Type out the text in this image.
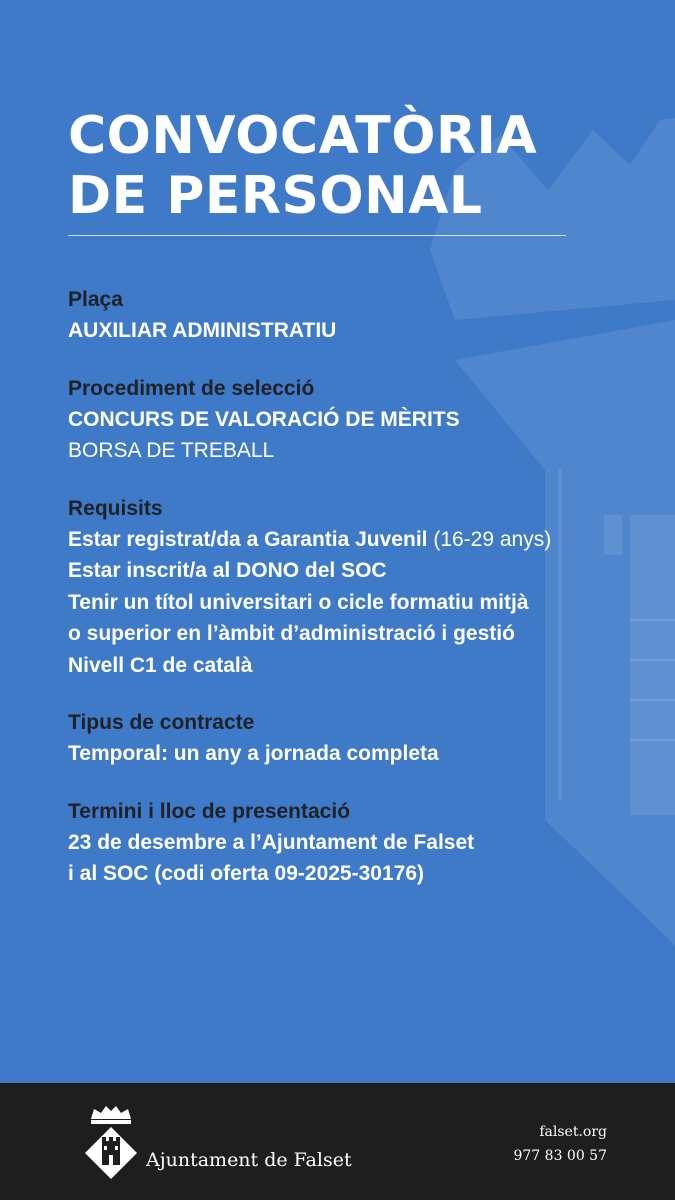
CONVOCATÒRIA
DE PERSONAL
Plaça
AUXILIAR ADMINISTRATIU
Procediment de selecció
CONCURS DE VALORACIÓ DE MÈRITS
BORSA DE TREBALL
Requisits
Estar registrat/da a Garantia Juvenil (16-29 anys)
Estar inscrit/a al DONO del SOC
Tenir un títol universitari o cicle formatiu mitjà
o superior en l’àmbit d’administració i gestió
Nivell C1 de català
Tipus de contracte
Temporal: un any a jornada completa
Termini i lloc de presentació
23 de desembre a l’Ajuntament de Falset
i al SOC (codi oferta 09-2025-30176)
Ajuntament de Falset
falset.org
977 83 00 57
